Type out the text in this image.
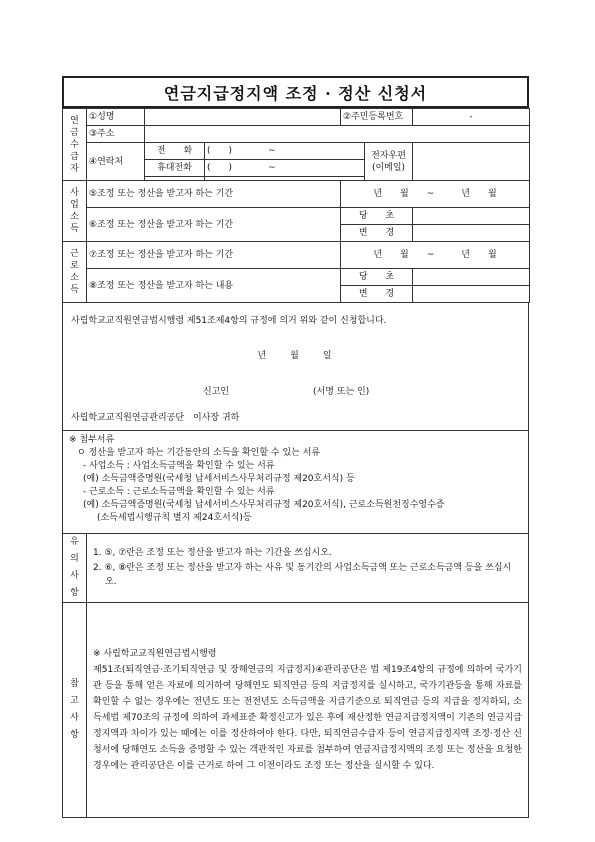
연금지급정지액 조정 · 정산 신청서
연
금
수
급
자	①성명			②주민등록번호		-
	③주소					
	④연락처	전　　화	(　　)　　　　~		전자우편
(이메일)	
		휴대전화	(　　)　　　　~			

사
업
소
득	⑤조정 또는 정산을 받고자 하는 기간			년　　월　　~　　　년　　월		
	⑥조정 또는 정산을 받고자 하는 기간			당　　초		
				변　　경		

근
로
소
득	⑦조정 또는 정산을 받고자 하는 기간			년　　월　　~　　　년　　월		
	⑧조정 또는 정산을 받고자 하는 내용			당　　초		
				변　　경		
사립학교교직원연금법시행령 제51조제4항의 규정에 의거 위와 같이 신청합니다.
년　　월　　일
신고인	(서명 또는 인)
사립학교교직원연금관리공단　이사장 귀하
※ 첨부서류
ㅇ 정산을 받고자 하는 기간동안의 소득을 확인할 수 있는 서류
- 사업소득 : 사업소득금액을 확인할 수 있는 서류
(예) 소득금액증명원(국세청 납세서비스사무처리규정 제20호서식) 등
- 근로소득 : 근로소득금액을 확인할 수 있는 서류
(예) 소득금액증명원(국세청 납세서비스사무처리규정 제20호서식), 근로소득원천징수영수증
(소득세법시행규칙 별지 제24호서식)등
유
의
사
항

1. ⑤, ⑦란은 조정 또는 정산을 받고자 하는 기간을 쓰십시오.
2. ⑥, ⑧란은 조정 또는 정산을 받고자 하는 사유 및 동기간의 사업소득금액 또는 근로소득금액 등을 쓰십시오.
참
고
사
항

※ 사립학교교직원연금법시행령
제51조(퇴직연금·조기퇴직연금 및 장해연금의 지급정지)④관리공단은 법 제19조4항의 규정에 의하여 국가기관 등을 통해 얻은 자료에 의거하여 당해연도 퇴직연금 등의 지급정지를 실시하고, 국가기관등을 통해 자료를 확인할 수 없는 경우에는 전년도 또는 전전년도 소득금액을 지급기준으로 퇴직연금 등의 지급을 정지하되, 소득세법 제70조의 규정에 의하여 과세표준 확정신고가 있은 후에 재산정한 연금지급정지액이 기존의 연금지급정지액과 차이가 있는 때에는 이를 정산하여야 한다. 다만, 퇴직연금수급자 등이 연금지급정지액 조정·정산 신청서에 당해연도 소득을 증명할 수 있는 객관적인 자료를 첨부하여 연금지급정지액의 조정 또는 정산을 요청한 경우에는 관리공단은 이를 근거로 하여 그 이전이라도 조정 또는 정산을 실시할 수 있다.
